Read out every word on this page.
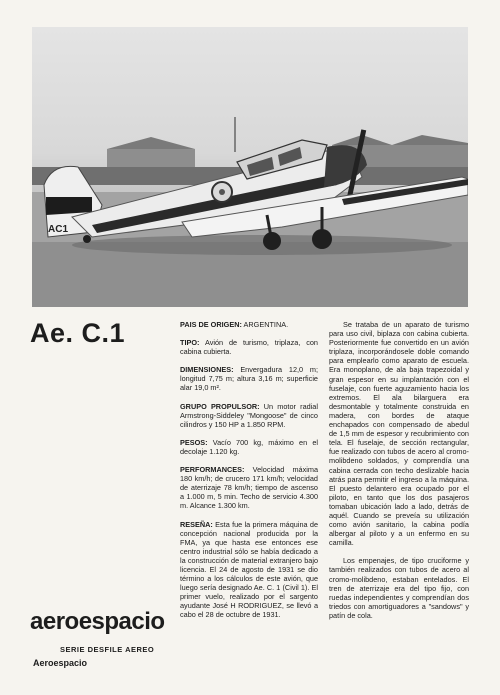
AC1
Ae. C.1	PAIS DE ORIGEN: ARGENTINA.

TIPO: Avión de turismo, triplaza, con cabina cubierta.

DIMENSIONES: Envergadura 12,0 m; longitud 7,75 m; altura 3,16 m; superficie alar 19,0 m².

GRUPO PROPULSOR: Un motor radial Armstrong-Siddeley "Mongoose" de cinco cilindros y 150 HP a 1.850 RPM.

PESOS: Vacío 700 kg, máximo en el decolaje 1.120 kg.

PERFORMANCES: Velocidad máxima 180 km/h; de crucero 171 km/h; velocidad de aterrizaje 78 km/h; tiempo de ascenso a 1.000 m, 5 min. Techo de servicio 4.300 m. Alcance 1.300 km.

RESEÑA: Esta fue la primera máquina de concepción nacional producida por la FMA, ya que hasta ese entonces ese centro industrial sólo se había dedicado a la construcción de material extranjero bajo licencia. El 24 de agosto de 1931 se dio término a los cálculos de este avión, que luego sería designado Ae. C. 1 (Civil 1). El primer vuelo, realizado por el sargento ayudante José H RODRIGUEZ, se llevó a cabo el 28 de octubre de 1931.

Se trataba de un aparato de turismo para uso civil, biplaza con cabina cubierta. Posteriormente fue convertido en un avión triplaza, incorporándosele doble comando para emplearlo como aparato de escuela. Era monoplano, de ala baja trapezoidal y gran espesor en su implantación con el fuselaje, con fuerte aguzamiento hacia los extremos. El ala bilarguera era desmontable y totalmente construida en madera, con bordes de ataque enchapados con compensado de abedul de 1,5 mm de espesor y recubrimiento con tela. El fuselaje, de sección rectangular, fue realizado con tubos de acero al cromo-molibdeno soldados, y comprendía una cabina cerrada con techo deslizable hacia atrás para permitir el ingreso a la máquina. El puesto delantero era ocupado por el piloto, en tanto que los dos pasajeros tomaban ubicación lado a lado, detrás de aquél. Cuando se preveía su utilización como avión sanitario, la cabina podía albergar al piloto y a un enfermo en su camilla.

Los empenajes, de tipo cruciforme y también realizados con tubos de acero al cromo-molibdeno, estaban entelados. El tren de aterrizaje era del tipo fijo, con ruedas independientes y comprendían dos triedos con amortiguadores a "sandows" y patín de cola.

aeroespacio
SERIE DESFILE AEREO
Aeroespacio
